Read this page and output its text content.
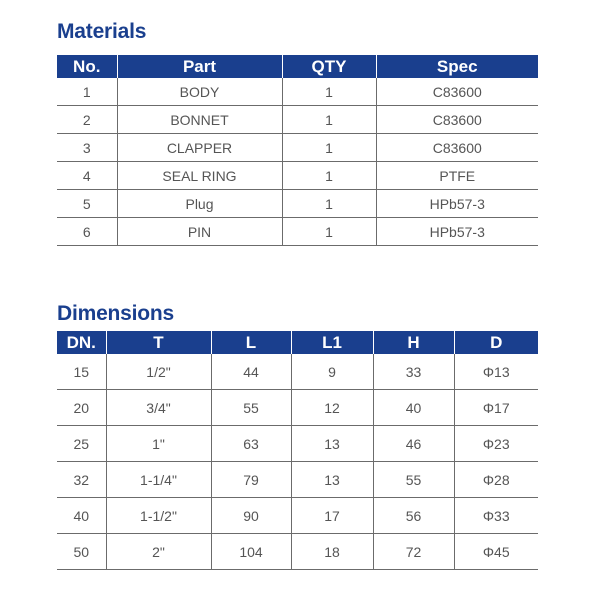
Materials
No.	Part	QTY	Spec
1	BODY	1	C83600
2	BONNET	1	C83600
3	CLAPPER	1	C83600
4	SEAL RING	1	PTFE
5	Plug	1	HPb57-3
6	PIN	1	HPb57-3
Dimensions
DN.	T	L	L1	H	D
15	1/2"	44	9	33	Φ13
20	3/4"	55	12	40	Φ17
25	1"	63	13	46	Φ23
32	1-1/4"	79	13	55	Φ28
40	1-1/2"	90	17	56	Φ33
50	2"	104	18	72	Φ45
